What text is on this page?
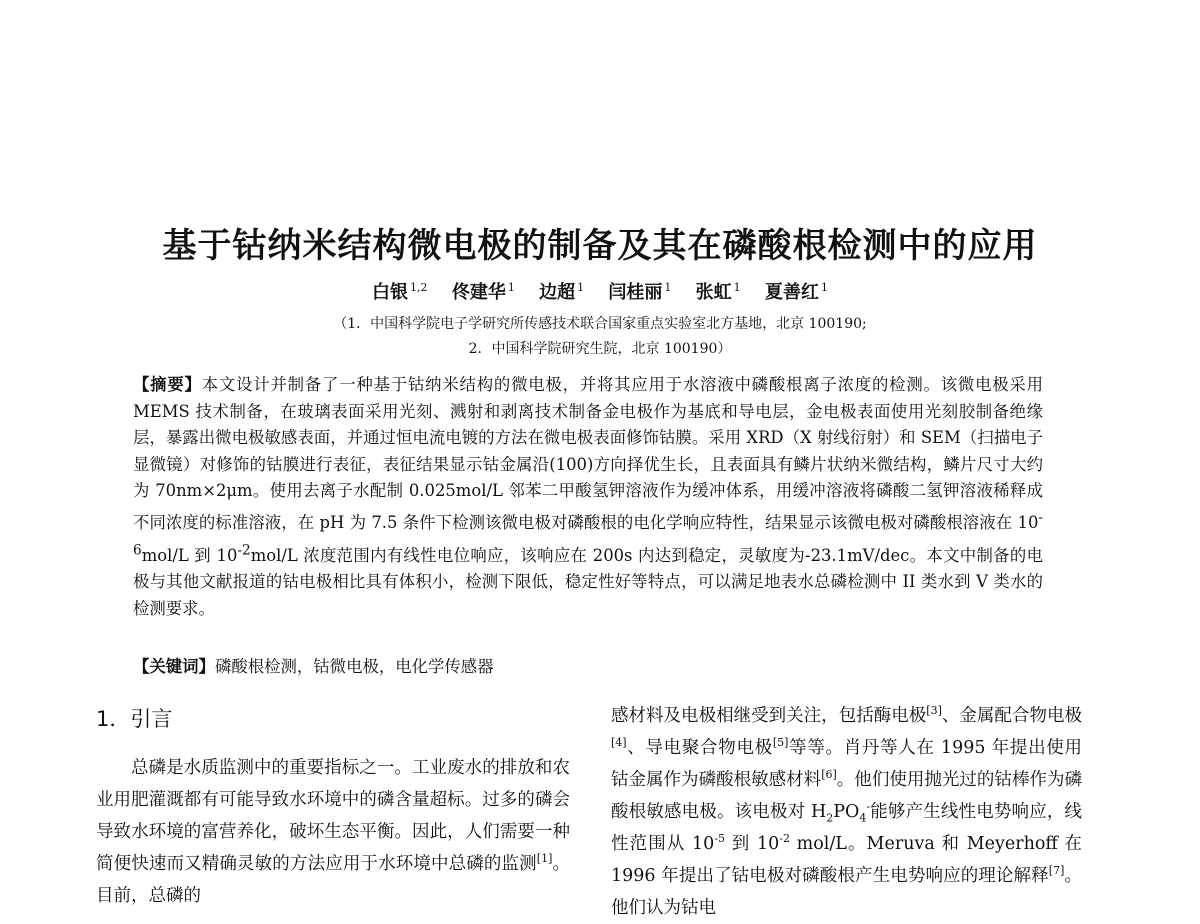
基于钴纳米结构微电极的制备及其在磷酸根检测中的应用
白银 $^{1,2}$ 佟建华 $^1$ 边超 $^1$ 闫桂丽 $^1$ 张虹 $^1$ 夏善红 $^1$
（1．中国科学院电子学研究所传感技术联合国家重点实验室北方基地，北京 100190;
2．中国科学院研究生院，北京 100190）

【摘要】本文设计并制备了一种基于钴纳米结构的微电极，并将其应用于水溶液中磷酸根离子浓度的检测。该微电极采用 MEMS 技术制备，在玻璃表面采用光刻、溅射和剥离技术制备金电极作为基底和导电层，金电极表面使用光刻胶制备绝缘层，暴露出微电极敏感表面，并通过恒电流电镀的方法在微电极表面修饰钴膜。采用 XRD（X 射线衍射）和 SEM（扫描电子显微镜）对修饰的钴膜进行表征，表征结果显示钴金属沿(100)方向择优生长，且表面具有鳞片状纳米微结构，鳞片尺寸大约为 70nm×2μm。使用去离子水配制 0.025mol/L 邻苯二甲酸氢钾溶液作为缓冲体系，用缓冲溶液将磷酸二氢钾溶液稀释成不同浓度的标准溶液，在 pH 为 7.5 条件下检测该微电极对磷酸根的电化学响应特性，结果显示该微电极对磷酸根溶液在 $10^{-6}mol/L$ 到 $10^{-2}mol/L$ 浓度范围内有线性电位响应，该响应在 200s 内达到稳定，灵敏度为-23.1mV/dec。本文中制备的电极与其他文献报道的钴电极相比具有体积小，检测下限低，稳定性好等特点，可以满足地表水总磷检测中 II 类水到 V 类水的检测要求。

【关键词】磷酸根检测，钴微电极，电化学传感器

1．引言

总磷是水质监测中的重要指标之一。工业废水的排放和农业用肥灌溉都有可能导致水环境中的磷含量超标。过多的磷会导致水环境的富营养化，破坏生态平衡。因此，人们需要一种简便快速而又精确灵敏的方法应用于水环境中总磷的监测[1]。目前，总磷的

感材料及电极相继受到关注，包括酶电极[3]、金属配合物电极[4]、导电聚合物电极[5]等等。肖丹等人在 1995 年提出使用钴金属作为磷酸根敏感材料[6]。他们使用抛光过的钴棒作为磷酸根敏感电极。该电极对 $H_2PO_4^-$能够产生线性电势响应，线性范围从 $10^{-5}$ 到 $10^{-2}$ mol/L。Meruva 和 Meyerhoff 在 1996 年提出了钴电极对磷酸根产生电势响应的理论解释[7]。他们认为钴电
